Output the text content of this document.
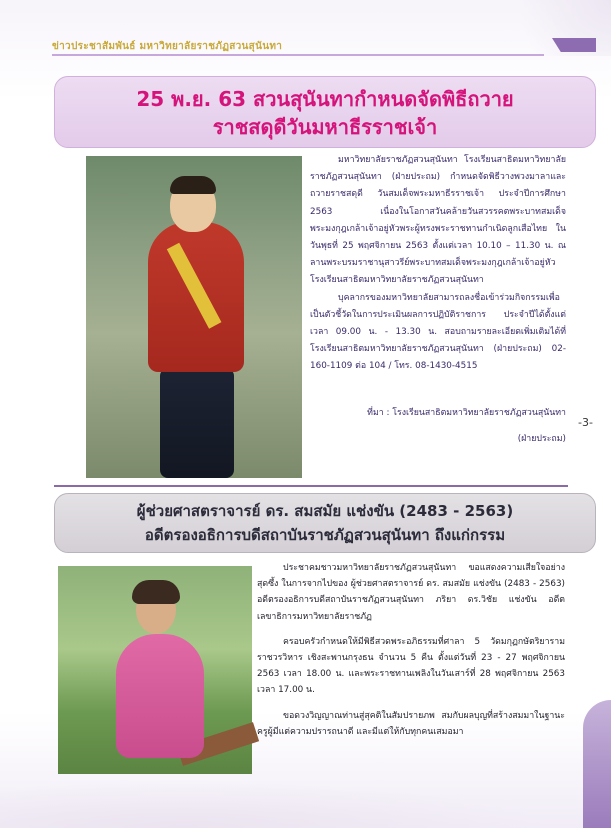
ข่าวประชาสัมพันธ์ มหาวิทยาลัยราชภัฏสวนสุนันทา
25 พ.ย. 63 สวนสุนันทากำหนดจัดพิธีถวาย
ราชสดุดีวันมหาธีรราชเจ้า

มหาวิทยาลัยราชภัฏสวนสุนันทา โรงเรียนสาธิตมหาวิทยาลัยราชภัฏสวนสุนันทา (ฝ่ายประถม) กำหนดจัดพิธีวางพวงมาลาและถวายราชสดุดี วันสมเด็จพระมหาธีรราชเจ้า ประจำปีการศึกษา 2563 เนื่องในโอกาสวันคล้ายวันสวรรคตพระบาทสมเด็จพระมงกุฎเกล้าเจ้าอยู่หัวพระผู้ทรงพระราชทานกำเนิดลูกเสือไทย ในวันพุธที่ 25 พฤศจิกายน 2563 ตั้งแต่เวลา 10.10 – 11.30 น. ณ ลานพระบรมราชานุสาวรีย์พระบาทสมเด็จพระมงกุฎเกล้าเจ้าอยู่หัว โรงเรียนสาธิตมหาวิทยาลัยราชภัฏสวนสุนันทา

บุคลากรของมหาวิทยาลัยสามารถลงชื่อเข้าร่วมกิจกรรมเพื่อเป็นตัวชี้วัดในการประเมินผลการปฏิบัติราชการ ประจำปีได้ตั้งแต่เวลา 09.00 น. - 13.30 น. สอบถามรายละเอียดเพิ่มเติมได้ที่โรงเรียนสาธิตมหาวิทยาลัยราชภัฏสวนสุนันทา (ฝ่ายประถม) 02-160-1109 ต่อ 104 / โทร. 08-1430-4515

ที่มา : โรงเรียนสาธิตมหาวิทยาลัยราชภัฏสวนสุนันทา
(ฝ่ายประถม)
-3-
ผู้ช่วยศาสตราจารย์ ดร. สมสมัย แช่งขัน (2483 - 2563)
อดีตรองอธิการบดีสถาบันราชภัฏสวนสุนันทา ถึงแก่กรรม

ประชาคมชาวมหาวิทยาลัยราชภัฏสวนสุนันทา ขอแสดงความเสียใจอย่างสุดซึ้ง ในการจากไปของ ผู้ช่วยศาสตราจารย์ ดร. สมสมัย แช่งขัน (2483 - 2563) อดีตรองอธิการบดีสถาบันราชภัฏสวนสุนันทา ภริยา ดร.วิชัย แช่งขัน อดีตเลขาธิการมหาวิทยาลัยราชภัฏ

ครอบครัวกำหนดให้มีพิธีสวดพระอภิธรรมที่ศาลา 5 วัดมกุฏกษัตริยารามราชวรวิหาร เชิงสะพานกรุงธน จำนวน 5 คืน ตั้งแต่วันที่ 23 - 27 พฤศจิกายน 2563 เวลา 18.00 น. และพระราชทานเพลิงในวันเสาร์ที่ 28 พฤศจิกายน 2563 เวลา 17.00 น.

ขอดวงวิญญาณท่านสู่สุคติในสัมปรายภพ สมกับผลบุญที่สร้างสมมาในฐานะครูผู้มีแต่ความปรารถนาดี และมีแต่ให้กับทุกคนเสมอมา
